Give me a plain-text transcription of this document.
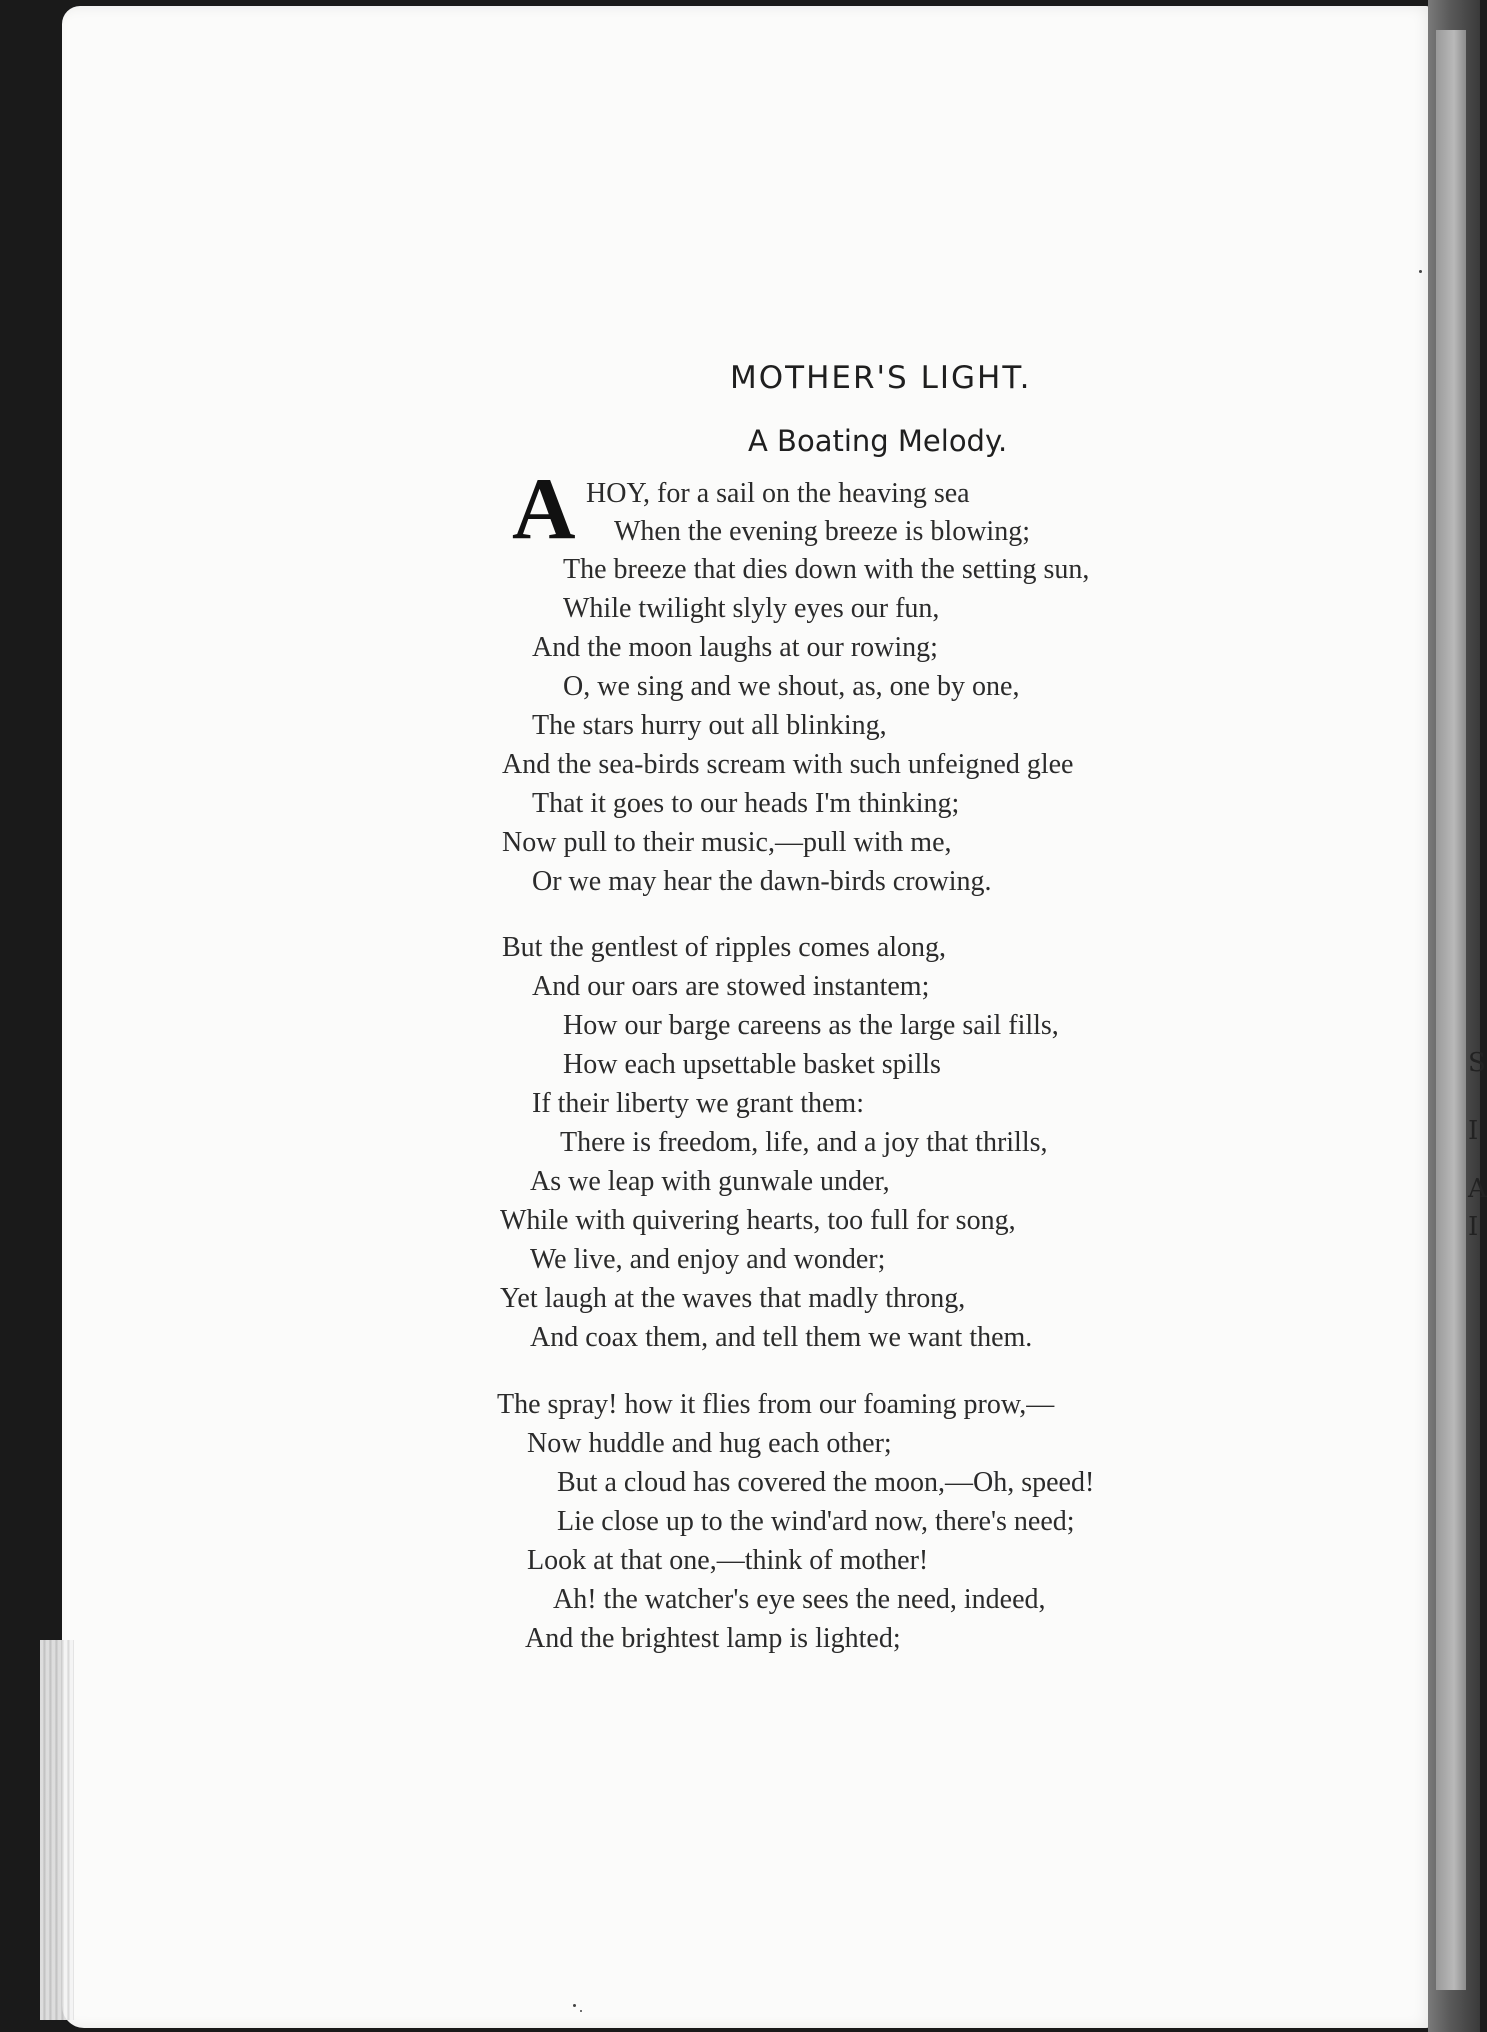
S
I
A
I
MOTHER'S LIGHT.
A Boating Melody.
A HOY, for a sail on the heaving sea
When the evening breeze is blowing;
The breeze that dies down with the setting sun,
While twilight slyly eyes our fun,
And the moon laughs at our rowing;
O, we sing and we shout, as, one by one,
The stars hurry out all blinking,
And the sea-birds scream with such unfeigned glee
That it goes to our heads I'm thinking;
Now pull to their music,—pull with me,
Or we may hear the dawn-birds crowing.
But the gentlest of ripples comes along,
And our oars are stowed instantem;
How our barge careens as the large sail fills,
How each upsettable basket spills
If their liberty we grant them:
There is freedom, life, and a joy that thrills,
As we leap with gunwale under,
While with quivering hearts, too full for song,
We live, and enjoy and wonder;
Yet laugh at the waves that madly throng,
And coax them, and tell them we want them.
The spray! how it flies from our foaming prow,—
Now huddle and hug each other;
But a cloud has covered the moon,—Oh, speed!
Lie close up to the wind'ard now, there's need;
Look at that one,—think of mother!
Ah! the watcher's eye sees the need, indeed,
And the brightest lamp is lighted;
